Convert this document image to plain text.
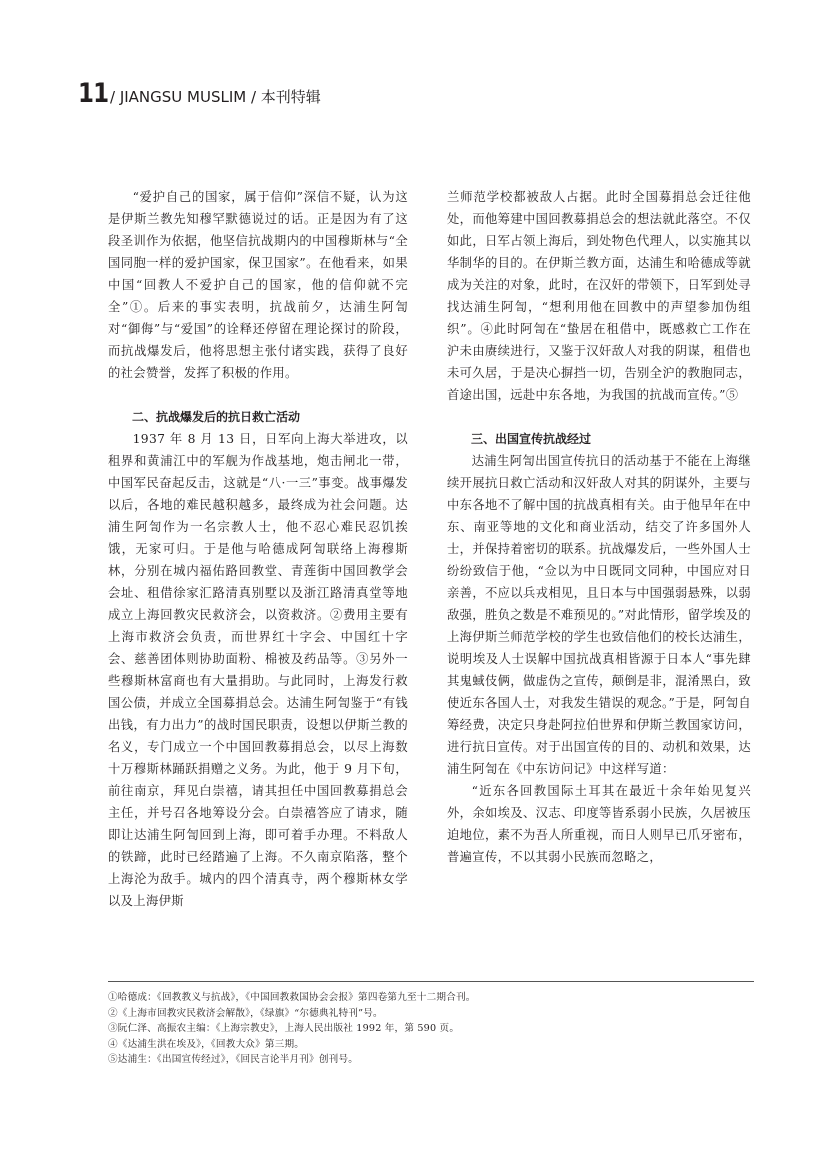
11 / JIANGSU MUSLIM / 本刊特辑

“爱护自己的国家，属于信仰”深信不疑，认为这是伊斯兰教先知穆罕默德说过的话。正是因为有了这段圣训作为依据，他坚信抗战期内的中国穆斯林与“全国同胞一样的爱护国家，保卫国家”。在他看来，如果中国“回教人不爱护自己的国家，他的信仰就不完全”①。后来的事实表明，抗战前夕，达浦生阿訇对“御侮”与“爱国”的诠释还停留在理论探讨的阶段，而抗战爆发后，他将思想主张付诸实践，获得了良好的社会赞誉，发挥了积极的作用。

二、抗战爆发后的抗日救亡活动

1937 年 8 月 13 日，日军向上海大举进攻，以租界和黄浦江中的军舰为作战基地，炮击闸北一带，中国军民奋起反击，这就是“八·一三”事变。战事爆发以后，各地的难民越积越多，最终成为社会问题。达浦生阿訇作为一名宗教人士，他不忍心难民忍饥挨饿，无家可归。于是他与哈德成阿訇联络上海穆斯林，分别在城内福佑路回教堂、青莲街中国回教学会会址、租借徐家汇路清真别墅以及浙江路清真堂等地成立上海回教灾民救济会，以资救济。②费用主要有上海市救济会负责，而世界红十字会、中国红十字会、慈善团体则协助面粉、棉被及药品等。③另外一些穆斯林富商也有大量捐助。与此同时，上海发行救国公债，并成立全国募捐总会。达浦生阿訇鉴于“有钱出钱，有力出力”的战时国民职责，设想以伊斯兰教的名义，专门成立一个中国回教募捐总会，以尽上海数十万穆斯林踊跃捐赠之义务。为此，他于 9 月下旬，前往南京，拜见白崇禧，请其担任中国回教募捐总会主任，并号召各地筹设分会。白崇禧答应了请求，随即让达浦生阿訇回到上海，即可着手办理。不料敌人的铁蹄，此时已经踏遍了上海。不久南京陷落，整个上海沦为敌手。城内的四个清真寺，两个穆斯林女学以及上海伊斯

兰师范学校都被敌人占据。此时全国募捐总会迁往他处，而他筹建中国回教募捐总会的想法就此落空。不仅如此，日军占领上海后，到处物色代理人，以实施其以华制华的目的。在伊斯兰教方面，达浦生和哈德成等就成为关注的对象，此时，在汉奸的带领下，日军到处寻找达浦生阿訇，“想利用他在回教中的声望参加伪组织”。④此时阿訇在“蛰居在租借中，既感救亡工作在沪未由赓续进行，又鉴于汉奸敌人对我的阴谋，租借也未可久居，于是决心摒挡一切，告别全沪的教胞同志，首途出国，远赴中东各地，为我国的抗战而宣传。”⑤

三、出国宣传抗战经过

达浦生阿訇出国宣传抗日的活动基于不能在上海继续开展抗日救亡活动和汉奸敌人对其的阴谋外，主要与中东各地不了解中国的抗战真相有关。由于他早年在中东、南亚等地的文化和商业活动，结交了许多国外人士，并保持着密切的联系。抗战爆发后，一些外国人士纷纷致信于他，“佥以为中日既同文同种，中国应对日亲善，不应以兵戎相见，且日本与中国强弱悬殊，以弱敌强，胜负之数是不难预见的。”对此情形，留学埃及的上海伊斯兰师范学校的学生也致信他们的校长达浦生，说明埃及人士误解中国抗战真相皆源于日本人“事先肆其鬼蜮伎俩，做虚伪之宣传，颠倒是非，混淆黑白，致使近东各国人士，对我发生错误的观念。”于是，阿訇自筹经费，决定只身赴阿拉伯世界和伊斯兰教国家访问，进行抗日宣传。对于出国宣传的目的、动机和效果，达浦生阿訇在《中东访问记》中这样写道：

“近东各回教国际土耳其在最近十余年始见复兴外，余如埃及、汉志、印度等皆系弱小民族，久居被压迫地位，素不为吾人所重视，而日人则早已爪牙密布，普遍宣传，不以其弱小民族而忽略之，

①哈德成：《回教教义与抗战》，《中国回教救国协会会报》第四卷第九至十二期合刊。

②《上海市回教灾民救济会解散》，《绿旗》“尔德典礼特刊”号。

③阮仁泽、高振农主编：《上海宗教史》，上海人民出版社 1992 年，第 590 页。

④《达浦生洪在埃及》，《回教大众》第三期。

⑤达浦生：《出国宣传经过》，《回民言论半月刊》创刊号。
